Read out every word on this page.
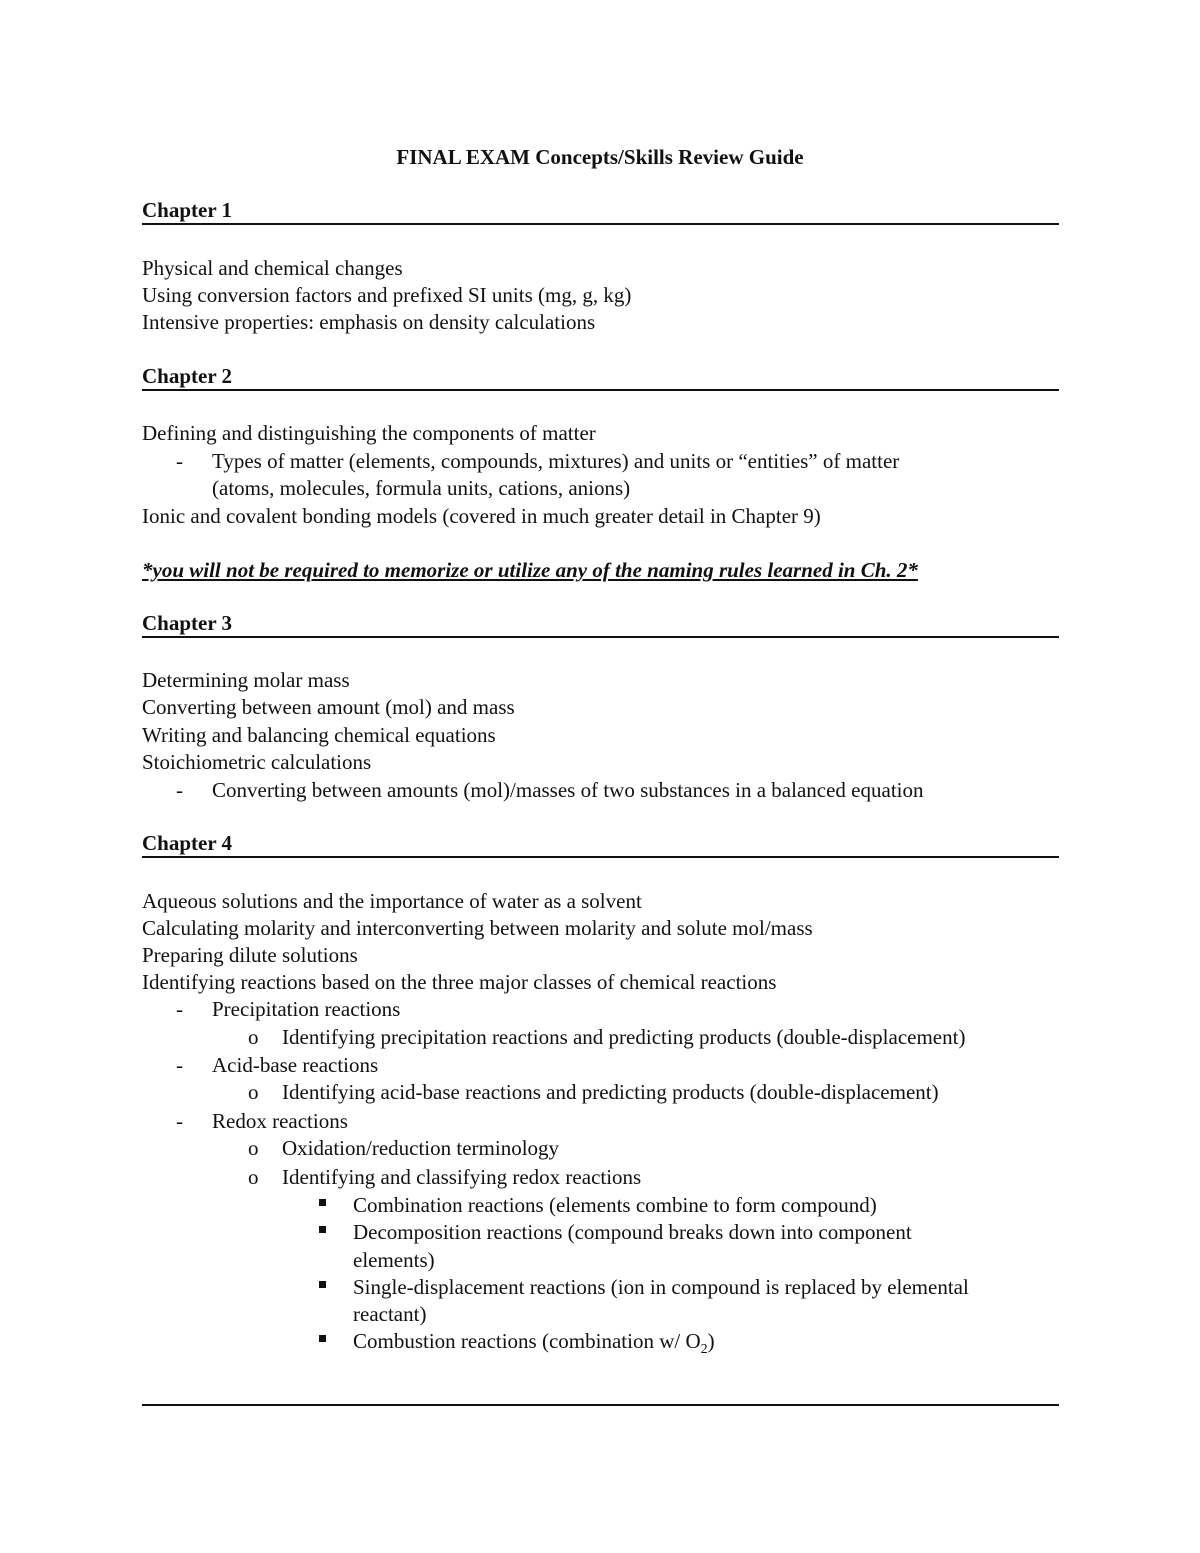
FINAL EXAM Concepts/Skills Review Guide
Chapter 1
Physical and chemical changes
Using conversion factors and prefixed SI units (mg, g, kg)
Intensive properties: emphasis on density calculations
Chapter 2
Defining and distinguishing the components of matter
- Types of matter (elements, compounds, mixtures) and units or “entities” of matter
(atoms, molecules, formula units, cations, anions)
Ionic and covalent bonding models (covered in much greater detail in Chapter 9)
*you will not be required to memorize or utilize any of the naming rules learned in Ch. 2*
Chapter 3
Determining molar mass
Converting between amount (mol) and mass
Writing and balancing chemical equations
Stoichiometric calculations
- Converting between amounts (mol)/masses of two substances in a balanced equation
Chapter 4
Aqueous solutions and the importance of water as a solvent
Calculating molarity and interconverting between molarity and solute mol/mass
Preparing dilute solutions
Identifying reactions based on the three major classes of chemical reactions
- Precipitation reactions
o Identifying precipitation reactions and predicting products (double-displacement)
- Acid-base reactions
o Identifying acid-base reactions and predicting products (double-displacement)
- Redox reactions
o Oxidation/reduction terminology
o Identifying and classifying redox reactions
Combination reactions (elements combine to form compound)
Decomposition reactions (compound breaks down into component
elements)
Single-displacement reactions (ion in compound is replaced by elemental
reactant)
Combustion reactions (combination w/ $O_2$)
